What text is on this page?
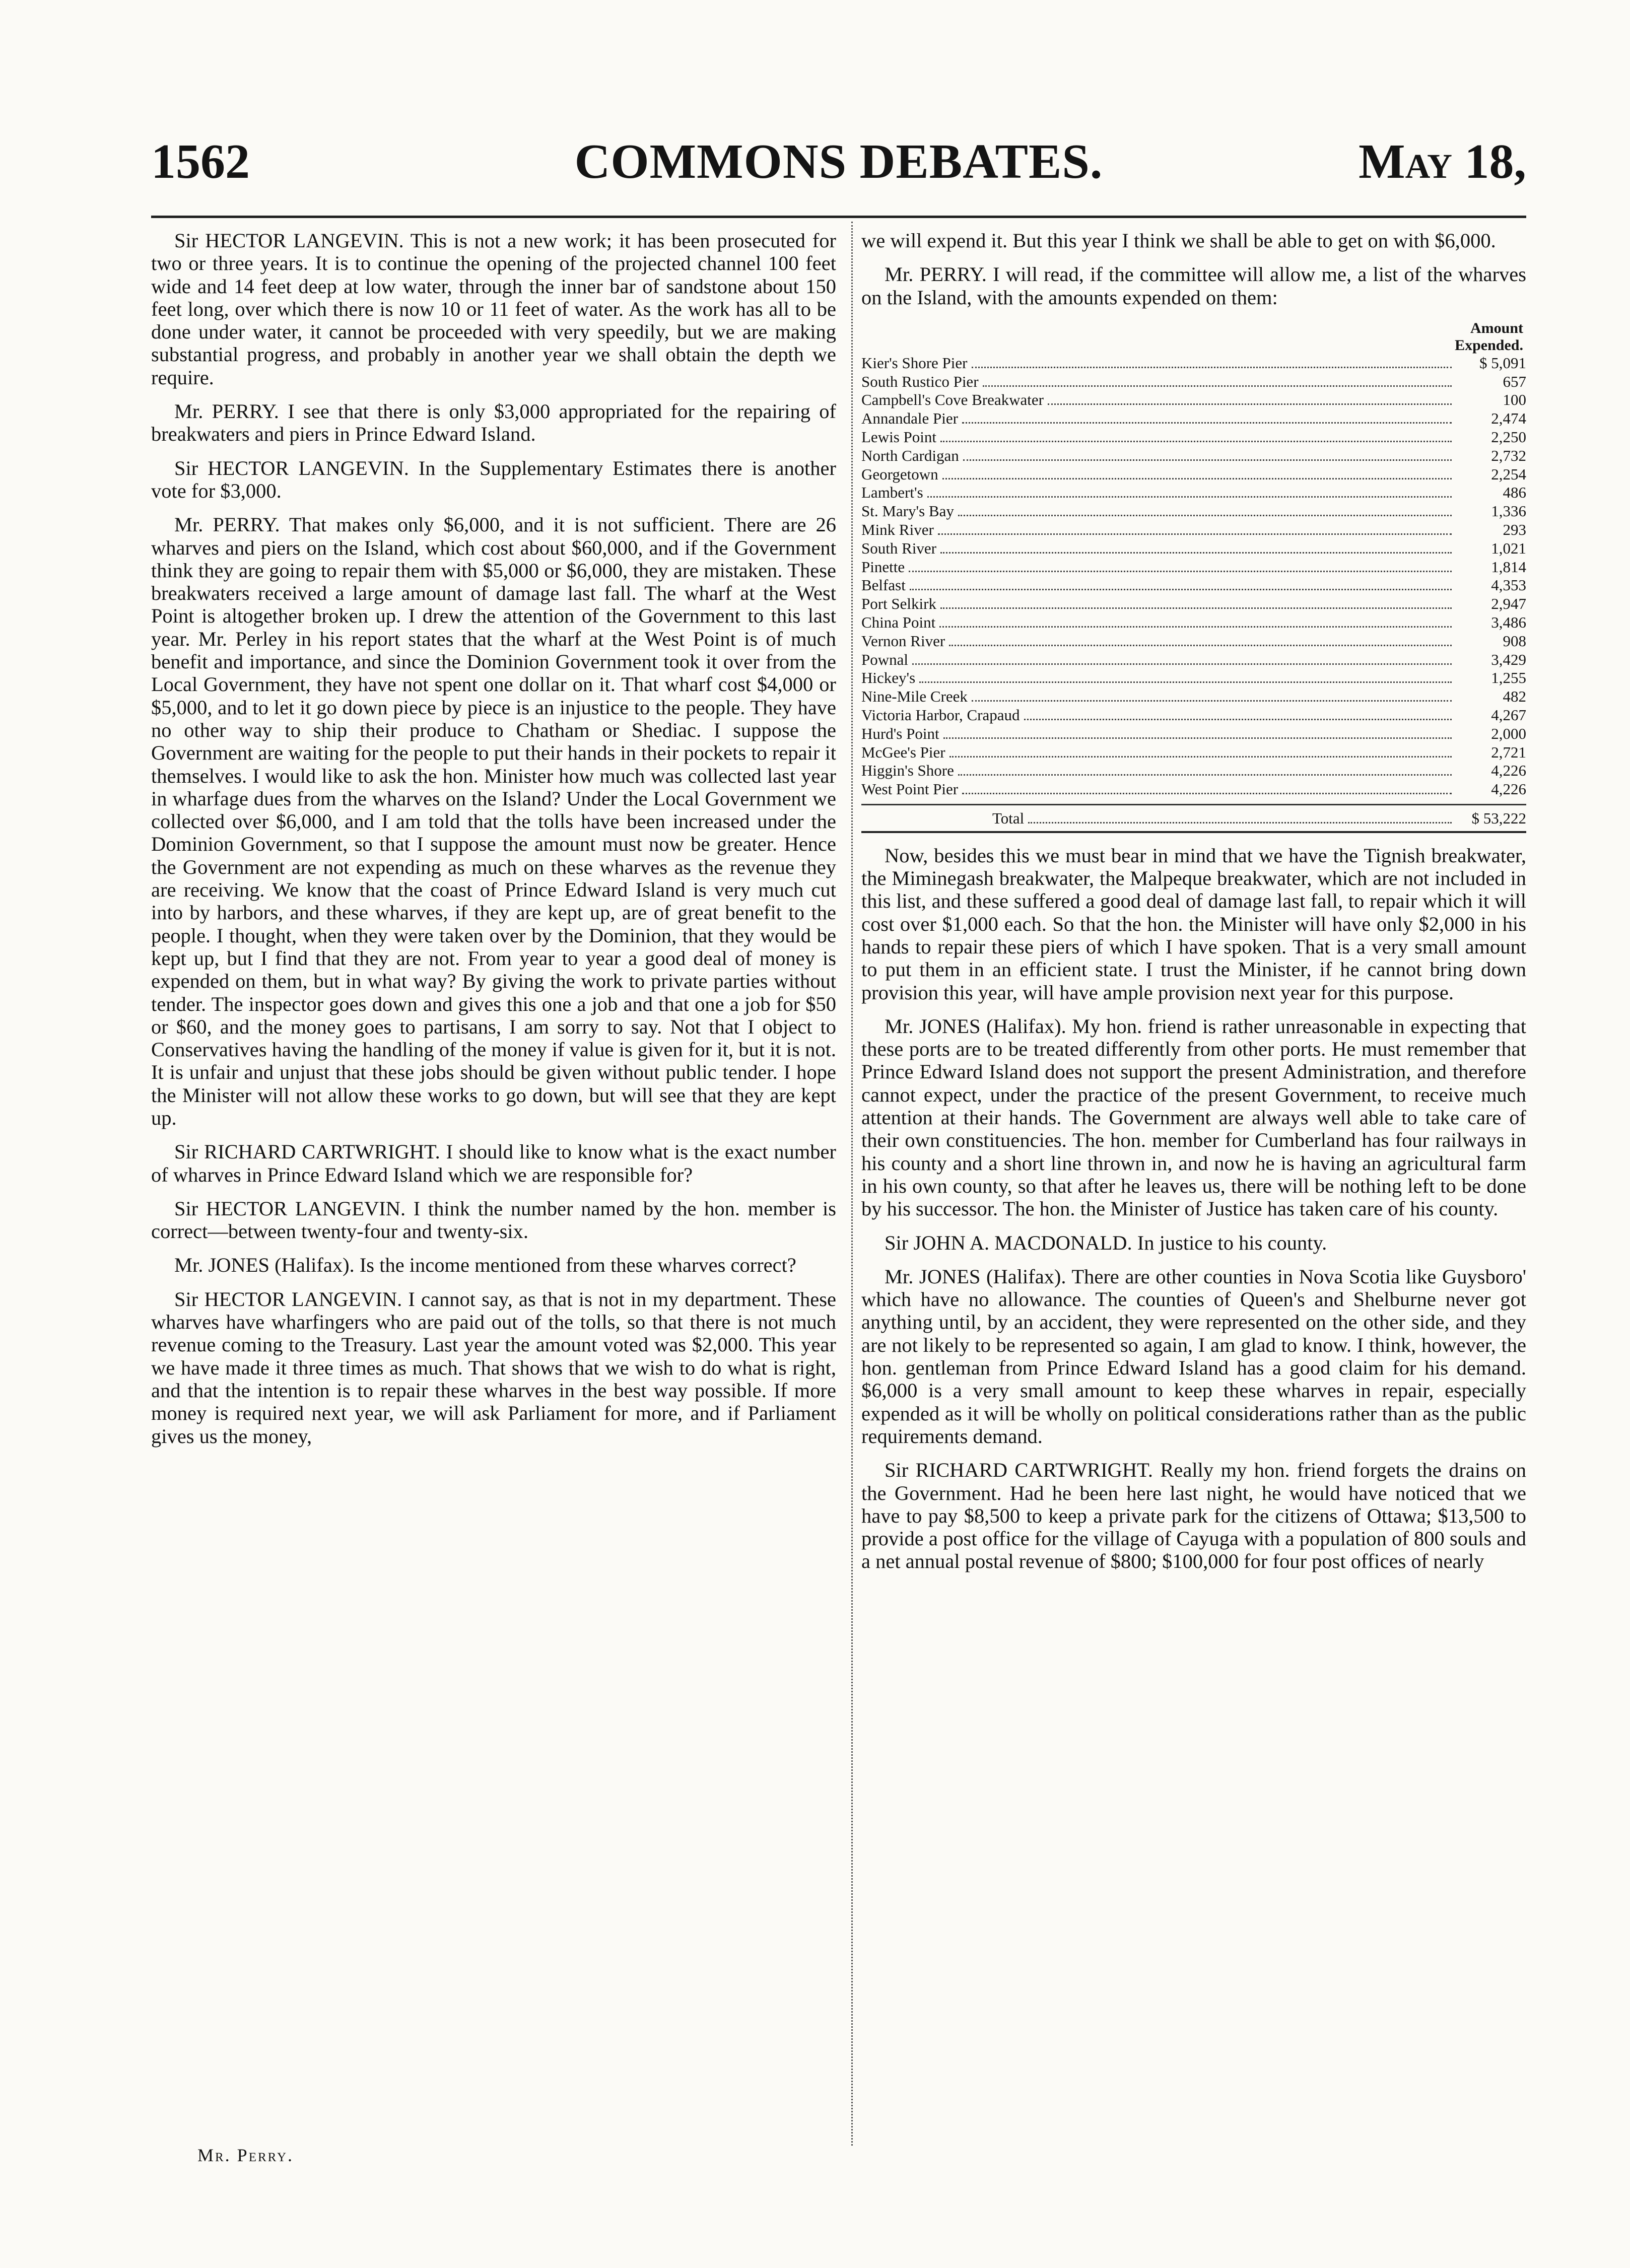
1562	COMMONS DEBATES.	May 18,

Sir HECTOR LANGEVIN. This is not a new work; it has been prosecuted for two or three years. It is to continue the opening of the projected channel 100 feet wide and 14 feet deep at low water, through the inner bar of sandstone about 150 feet long, over which there is now 10 or 11 feet of water. As the work has all to be done under water, it cannot be proceeded with very speedily, but we are making substantial progress, and probably in another year we shall obtain the depth we require.

Mr. PERRY. I see that there is only $3,000 appropriated for the repairing of breakwaters and piers in Prince Edward Island.

Sir HECTOR LANGEVIN. In the Supplementary Estimates there is another vote for $3,000.

Mr. PERRY. That makes only $6,000, and it is not sufficient. There are 26 wharves and piers on the Island, which cost about $60,000, and if the Government think they are going to repair them with $5,000 or $6,000, they are mistaken. These breakwaters received a large amount of damage last fall. The wharf at the West Point is altogether broken up. I drew the attention of the Government to this last year. Mr. Perley in his report states that the wharf at the West Point is of much benefit and importance, and since the Dominion Government took it over from the Local Government, they have not spent one dollar on it. That wharf cost $4,000 or $5,000, and to let it go down piece by piece is an injustice to the people. They have no other way to ship their produce to Chatham or Shediac. I suppose the Government are waiting for the people to put their hands in their pockets to repair it themselves. I would like to ask the hon. Minister how much was collected last year in wharfage dues from the wharves on the Island? Under the Local Government we collected over $6,000, and I am told that the tolls have been increased under the Dominion Government, so that I suppose the amount must now be greater. Hence the Government are not expending as much on these wharves as the revenue they are receiving. We know that the coast of Prince Edward Island is very much cut into by harbors, and these wharves, if they are kept up, are of great benefit to the people. I thought, when they were taken over by the Dominion, that they would be kept up, but I find that they are not. From year to year a good deal of money is expended on them, but in what way? By giving the work to private parties without tender. The inspector goes down and gives this one a job and that one a job for $50 or $60, and the money goes to partisans, I am sorry to say. Not that I object to Conservatives having the handling of the money if value is given for it, but it is not. It is unfair and unjust that these jobs should be given without public tender. I hope the Minister will not allow these works to go down, but will see that they are kept up.

Sir RICHARD CARTWRIGHT. I should like to know what is the exact number of wharves in Prince Edward Island which we are responsible for?

Sir HECTOR LANGEVIN. I think the number named by the hon. member is correct—between twenty-four and twenty-six.

Mr. JONES (Halifax). Is the income mentioned from these wharves correct?

Sir HECTOR LANGEVIN. I cannot say, as that is not in my department. These wharves have wharfingers who are paid out of the tolls, so that there is not much revenue coming to the Treasury. Last year the amount voted was $2,000. This year we have made it three times as much. That shows that we wish to do what is right, and that the intention is to repair these wharves in the best way possible. If more money is required next year, we will ask Parliament for more, and if Parliament gives us the money,

Mr. Perry.

we will expend it. But this year I think we shall be able to get on with $6,000.

Mr. PERRY. I will read, if the committee will allow me, a list of the wharves on the Island, with the amounts expended on them:

Amount
Expended.
Kier's Shore Pier	$ 5,091
South Rustico Pier	657
Campbell's Cove Breakwater	100
Annandale Pier	2,474
Lewis Point	2,250
North Cardigan	2,732
Georgetown	2,254
Lambert's	486
St. Mary's Bay	1,336
Mink River	293
South River	1,021
Pinette	1,814
Belfast	4,353
Port Selkirk	2,947
China Point	3,486
Vernon River	908
Pownal	3,429
Hickey's	1,255
Nine-Mile Creek	482
Victoria Harbor, Crapaud	4,267
Hurd's Point	2,000
McGee's Pier	2,721
Higgin's Shore	4,226
West Point Pier	4,226
Total	$ 53,222

Now, besides this we must bear in mind that we have the Tignish breakwater, the Miminegash breakwater, the Malpeque breakwater, which are not included in this list, and these suffered a good deal of damage last fall, to repair which it will cost over $1,000 each. So that the hon. the Minister will have only $2,000 in his hands to repair these piers of which I have spoken. That is a very small amount to put them in an efficient state. I trust the Minister, if he cannot bring down provision this year, will have ample provision next year for this purpose.

Mr. JONES (Halifax). My hon. friend is rather unreasonable in expecting that these ports are to be treated differently from other ports. He must remember that Prince Edward Island does not support the present Administration, and therefore cannot expect, under the practice of the present Government, to receive much attention at their hands. The Government are always well able to take care of their own constituencies. The hon. member for Cumberland has four railways in his county and a short line thrown in, and now he is having an agricultural farm in his own county, so that after he leaves us, there will be nothing left to be done by his successor. The hon. the Minister of Justice has taken care of his county.

Sir JOHN A. MACDONALD. In justice to his county.

Mr. JONES (Halifax). There are other counties in Nova Scotia like Guysboro' which have no allowance. The counties of Queen's and Shelburne never got anything until, by an accident, they were represented on the other side, and they are not likely to be represented so again, I am glad to know. I think, however, the hon. gentleman from Prince Edward Island has a good claim for his demand. $6,000 is a very small amount to keep these wharves in repair, especially expended as it will be wholly on political considerations rather than as the public requirements demand.

Sir RICHARD CARTWRIGHT. Really my hon. friend forgets the drains on the Government. Had he been here last night, he would have noticed that we have to pay $8,500 to keep a private park for the citizens of Ottawa; $13,500 to provide a post office for the village of Cayuga with a population of 800 souls and a net annual postal revenue of $800; $100,000 for four post offices of nearly
